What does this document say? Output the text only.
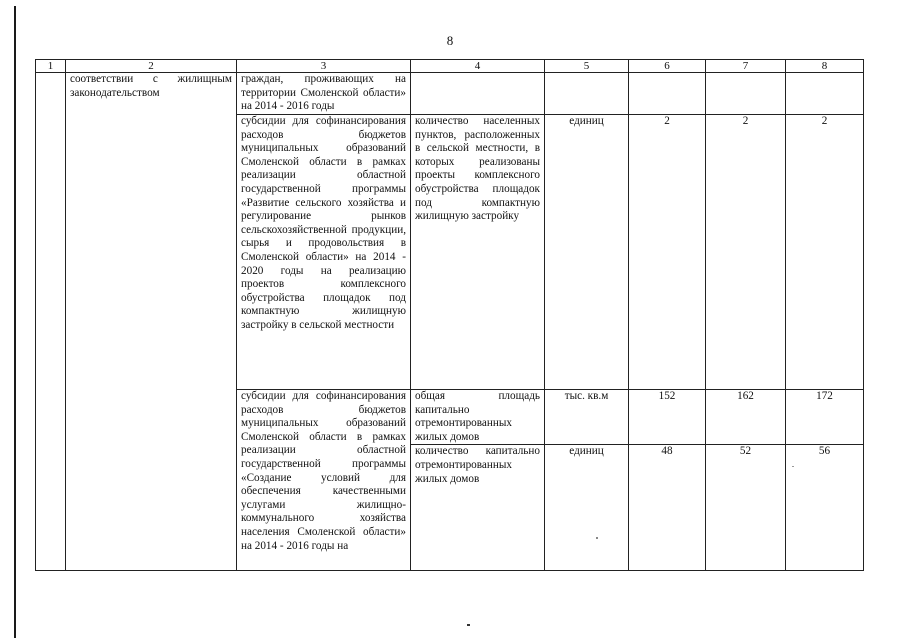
8
1	2	3	4	5	6	7	8
	соответствии с жилищным законодательством	граждан, проживающих на территории Смоленской области» на 2014 - 2016 годы					
		субсидии для софинансирования расходов бюджетов муниципальных образований Смоленской области в рамках реализации областной государственной программы «Развитие сельского хозяйства и регулирование рынков сельскохозяйственной продукции, сырья и продовольствия в Смоленской области» на 2014 - 2020 годы на реализацию проектов комплексного обустройства площадок под компактную жилищную застройку в сельской местности	количество населенных пунктов, расположенных в сельской местности, в которых реализованы проекты комплексного обустройства площадок под компактную жилищную застройку	единиц	2	2	2
		субсидии для софинансирования расходов бюджетов муниципальных образований Смоленской области в рамках реализации областной государственной программы «Создание условий для обеспечения качественными услугами жилищно-коммунального хозяйства населения Смоленской области» на 2014 - 2016 годы на	общая площадь капитально отремонтированных жилых домов	тыс. кв.м	152	162	172
			количество капитально отремонтированных жилых домов	единиц	48	52	56
